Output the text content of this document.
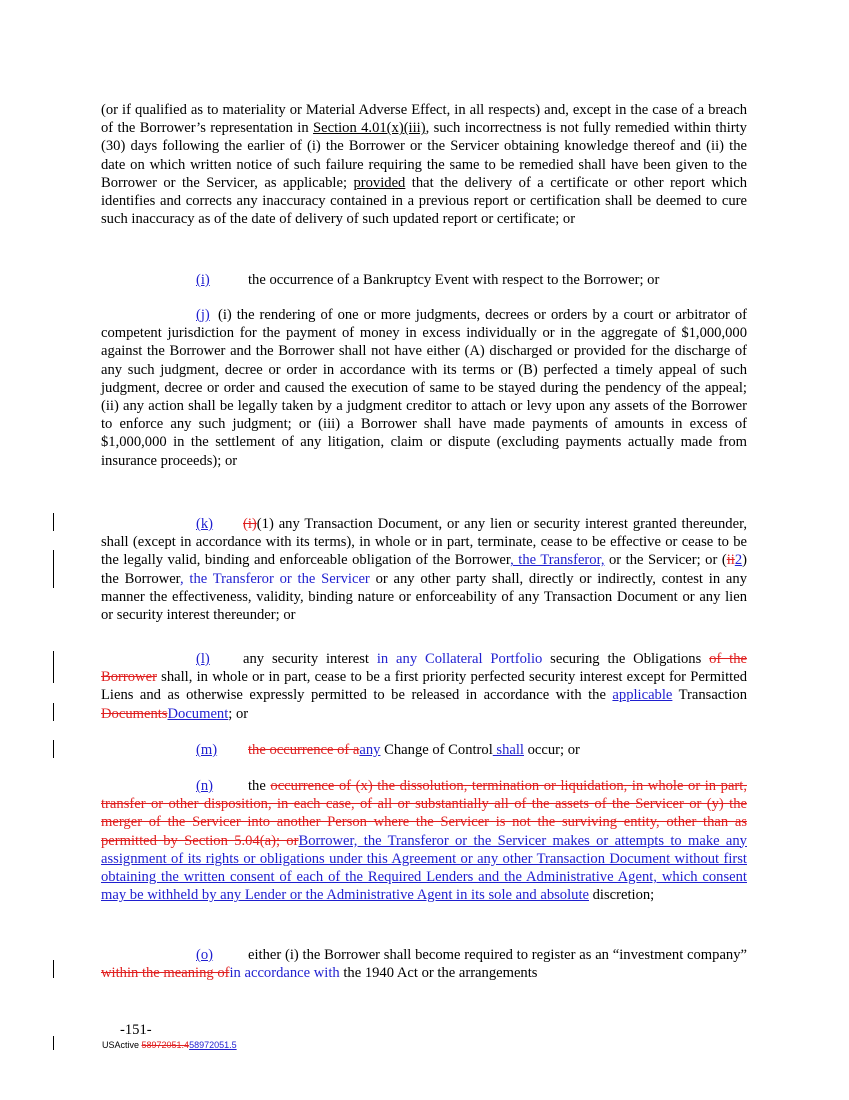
(or if qualified as to materiality or Material Adverse Effect, in all respects) and, except in the case of a breach of the Borrower’s representation in Section 4.01(x)(iii), such incorrectness is not fully remedied within thirty (30) days following the earlier of (i) the Borrower or the Servicer obtaining knowledge thereof and (ii) the date on which written notice of such failure requiring the same to be remedied shall have been given to the Borrower or the Servicer, as applicable; provided that the delivery of a certificate or other report which identifies and corrects any inaccuracy contained in a previous report or certification shall be deemed to cure such inaccuracy as of the date of delivery of such updated report or certificate; or
(i)	the occurrence of a Bankruptcy Event with respect to the Borrower; or
(j) (i) the rendering of one or more judgments, decrees or orders by a court or arbitrator of competent jurisdiction for the payment of money in excess individually or in the aggregate of $1,000,000 against the Borrower and the Borrower shall not have either (A) discharged or provided for the discharge of any such judgment, decree or order in accordance with its terms or (B) perfected a timely appeal of such judgment, decree or order and caused the execution of same to be stayed during the pendency of the appeal; (ii) any action shall be legally taken by a judgment creditor to attach or levy upon any assets of the Borrower to enforce any such judgment; or (iii) a Borrower shall have made payments of amounts in excess of $1,000,000 in the settlement of any litigation, claim or dispute (excluding payments actually made from insurance proceeds); or
(k) (i)(1) any Transaction Document, or any lien or security interest granted thereunder, shall (except in accordance with its terms), in whole or in part, terminate, cease to be effective or cease to be the legally valid, binding and enforceable obligation of the Borrower, the Transferor, or the Servicer; or (ii2) the Borrower, the Transferor or the Servicer or any other party shall, directly or indirectly, contest in any manner the effectiveness, validity, binding nature or enforceability of any Transaction Document or any lien or security interest thereunder; or
(l) any security interest in any Collateral Portfolio securing the Obligations of the Borrower shall, in whole or in part, cease to be a first priority perfected security interest except for Permitted Liens and as otherwise expressly permitted to be released in accordance with the applicable Transaction DocumentsDocument; or
(m) the occurrence of aany Change of Control shall occur; or
(n) the occurrence of (x) the dissolution, termination or liquidation, in whole or in part, transfer or other disposition, in each case, of all or substantially all of the assets of the Servicer or (y) the merger of the Servicer into another Person where the Servicer is not the surviving entity, other than as permitted by Section 5.04(a); orBorrower, the Transferor or the Servicer makes or attempts to make any assignment of its rights or obligations under this Agreement or any other Transaction Document without first obtaining the written consent of each of the Required Lenders and the Administrative Agent, which consent may be withheld by any Lender or the Administrative Agent in its sole and absolute discretion;
(o) either (i) the Borrower shall become required to register as an “investment company” within the meaning ofin accordance with the 1940 Act or the arrangements
-151-
USActive 58972051.458972051.5
